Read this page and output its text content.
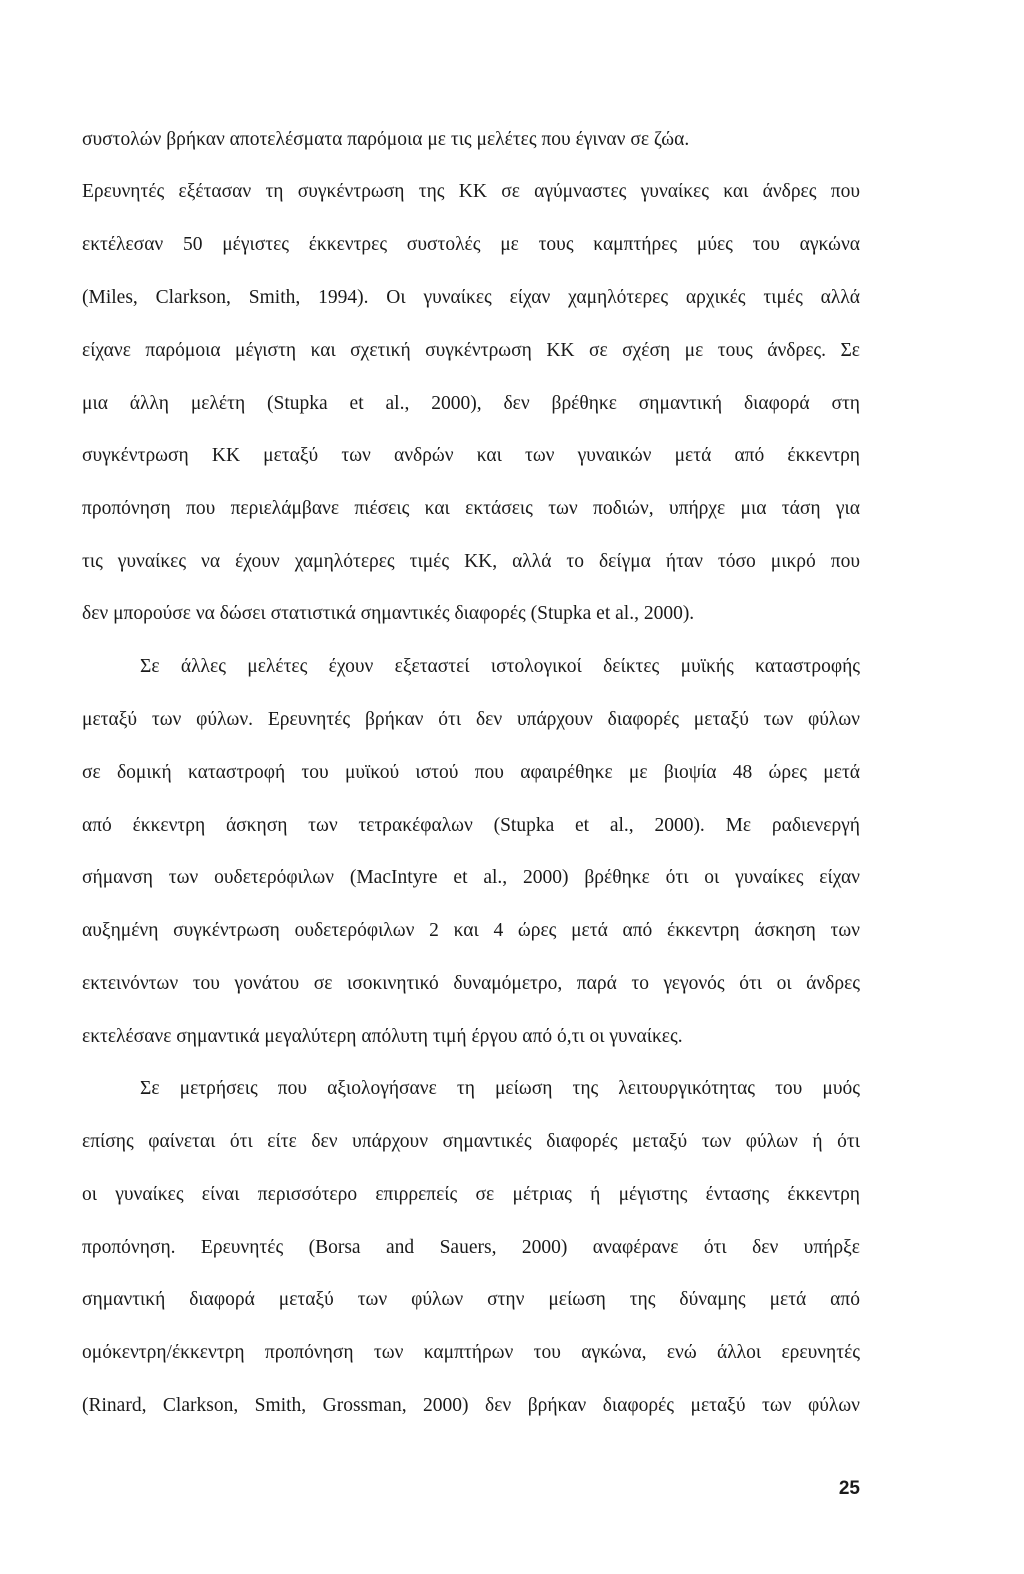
συστολών βρήκαν αποτελέσματα παρόμοια με τις μελέτες που έγιναν σε ζώα.
Ερευνητές εξέτασαν τη συγκέντρωση της ΚΚ σε αγύμναστες γυναίκες και άνδρες που
εκτέλεσαν 50 μέγιστες έκκεντρες συστολές με τους καμπτήρες μύες του αγκώνα
(Miles, Clarkson, Smith, 1994). Οι γυναίκες είχαν χαμηλότερες αρχικές τιμές αλλά
είχανε παρόμοια μέγιστη και σχετική συγκέντρωση ΚΚ σε σχέση με τους άνδρες. Σε
μια άλλη μελέτη (Stupka et al., 2000), δεν βρέθηκε σημαντική διαφορά στη
συγκέντρωση ΚΚ μεταξύ των ανδρών και των γυναικών μετά από έκκεντρη
προπόνηση που περιελάμβανε πιέσεις και εκτάσεις των ποδιών, υπήρχε μια τάση για
τις γυναίκες να έχουν χαμηλότερες τιμές ΚΚ, αλλά το δείγμα ήταν τόσο μικρό που
δεν μπορούσε να δώσει στατιστικά σημαντικές διαφορές (Stupka et al., 2000).
Σε άλλες μελέτες έχουν εξεταστεί ιστολογικοί δείκτες μυϊκής καταστροφής
μεταξύ των φύλων. Ερευνητές βρήκαν ότι δεν υπάρχουν διαφορές μεταξύ των φύλων
σε δομική καταστροφή του μυϊκού ιστού που αφαιρέθηκε με βιοψία 48 ώρες μετά
από έκκεντρη άσκηση των τετρακέφαλων (Stupka et al., 2000). Με ραδιενεργή
σήμανση των ουδετερόφιλων (MacIntyre et al., 2000) βρέθηκε ότι οι γυναίκες είχαν
αυξημένη συγκέντρωση ουδετερόφιλων 2 και 4 ώρες μετά από έκκεντρη άσκηση των
εκτεινόντων του γονάτου σε ισοκινητικό δυναμόμετρο, παρά το γεγονός ότι οι άνδρες
εκτελέσανε σημαντικά μεγαλύτερη απόλυτη τιμή έργου από ό,τι οι γυναίκες.
Σε μετρήσεις που αξιολογήσανε τη μείωση της λειτουργικότητας του μυός
επίσης φαίνεται ότι είτε δεν υπάρχουν σημαντικές διαφορές μεταξύ των φύλων ή ότι
οι γυναίκες είναι περισσότερο επιρρεπείς σε μέτριας ή μέγιστης έντασης έκκεντρη
προπόνηση. Ερευνητές (Borsa and Sauers, 2000) αναφέρανε ότι δεν υπήρξε
σημαντική διαφορά μεταξύ των φύλων στην μείωση της δύναμης μετά από
ομόκεντρη/έκκεντρη προπόνηση των καμπτήρων του αγκώνα, ενώ άλλοι ερευνητές
(Rinard, Clarkson, Smith, Grossman, 2000) δεν βρήκαν διαφορές μεταξύ των φύλων
25
